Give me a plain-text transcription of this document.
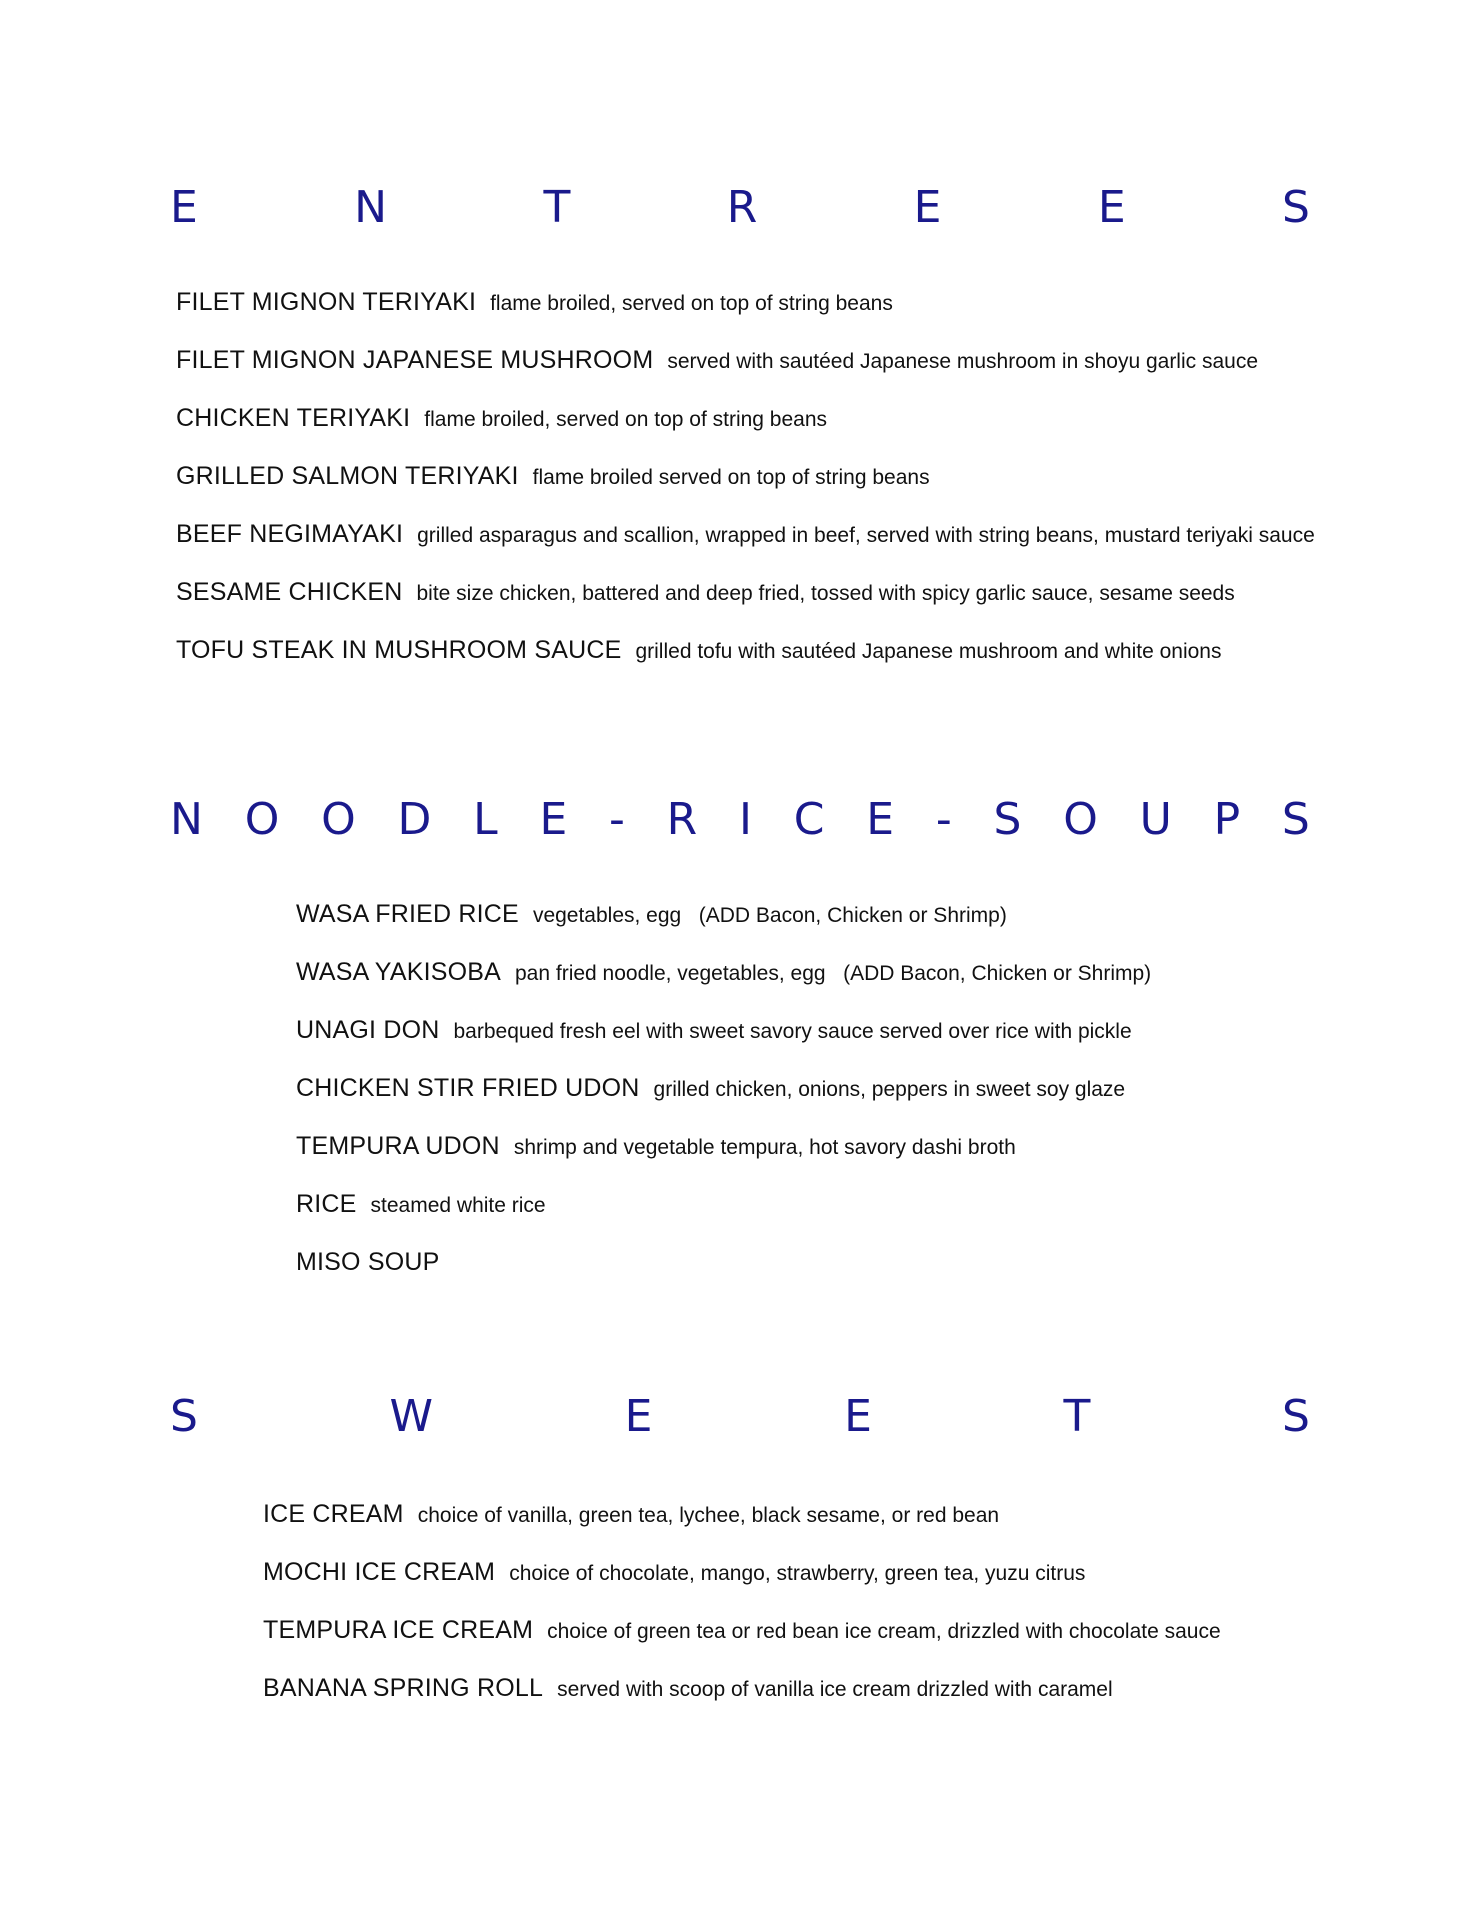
E	N	T	R	E	E	S
FILET MIGNON TERIYAKI flame broiled, served on top of string beans
FILET MIGNON JAPANESE MUSHROOM served with sautéed Japanese mushroom in shoyu garlic sauce
CHICKEN TERIYAKI flame broiled, served on top of string beans
GRILLED SALMON TERIYAKI flame broiled served on top of string beans
BEEF NEGIMAYAKI grilled asparagus and scallion, wrapped in beef, served with string beans, mustard teriyaki sauce
SESAME CHICKEN bite size chicken, battered and deep fried, tossed with spicy garlic sauce, sesame seeds
TOFU STEAK IN MUSHROOM SAUCE grilled tofu with sautéed Japanese mushroom and white onions
N O O D L E - R I C E - S O U P S
WASA FRIED RICE vegetables, egg   (ADD Bacon, Chicken or Shrimp)
WASA YAKISOBA pan fried noodle, vegetables, egg   (ADD Bacon, Chicken or Shrimp)
UNAGI DON barbequed fresh eel with sweet savory sauce served over rice with pickle
CHICKEN STIR FRIED UDON grilled chicken, onions, peppers in sweet soy glaze
TEMPURA UDON shrimp and vegetable tempura, hot savory dashi broth
RICE steamed white rice
MISO SOUP
S	W	E	E	T	S
ICE CREAM choice of vanilla, green tea, lychee, black sesame, or red bean
MOCHI ICE CREAM choice of chocolate, mango, strawberry, green tea, yuzu citrus
TEMPURA ICE CREAM choice of green tea or red bean ice cream, drizzled with chocolate sauce
BANANA SPRING ROLL served with scoop of vanilla ice cream drizzled with caramel
